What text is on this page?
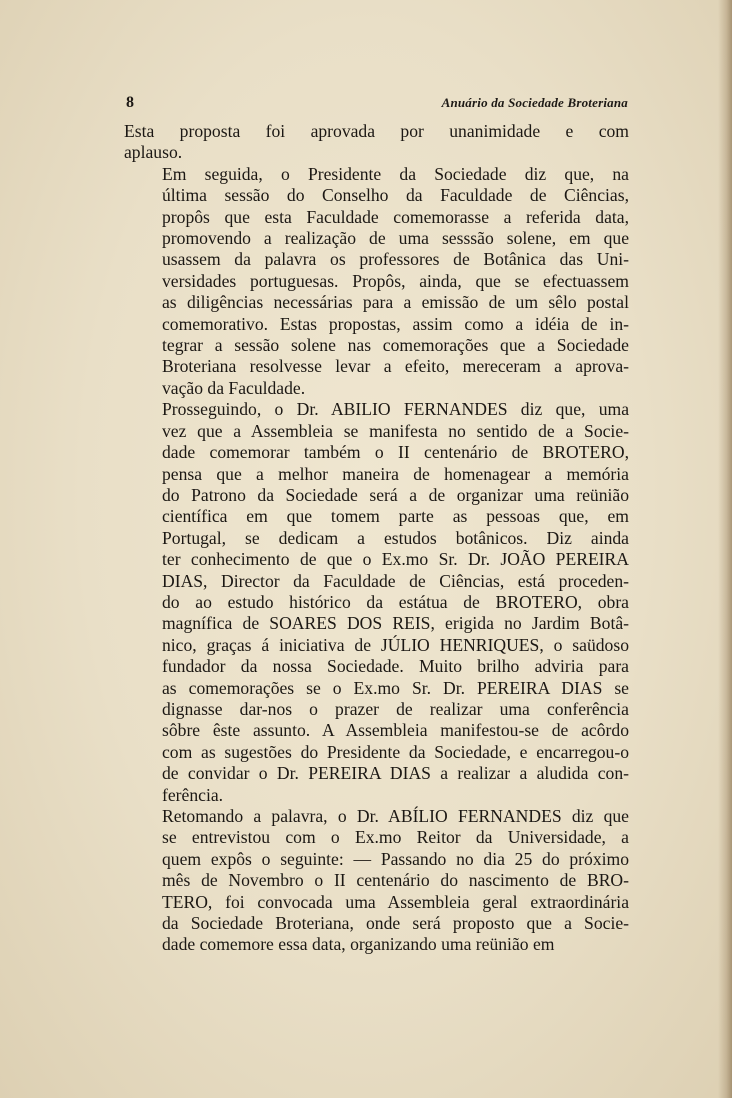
8	Anuário da Sociedade Broteriana

Esta proposta foi aprovada por unanimidade e com
aplauso.

Em seguida, o Presidente da Sociedade diz que, na
última sessão do Conselho da Faculdade de Ciências,
propôs que esta Faculdade comemorasse a referida data,
promovendo a realização de uma sesssão solene, em que
usassem da palavra os professores de Botânica das Uni-
versidades portuguesas. Propôs, ainda, que se efectuassem
as diligências necessárias para a emissão de um sêlo postal
comemorativo. Estas propostas, assim como a idéia de in-
tegrar a sessão solene nas comemorações que a Sociedade
Broteriana resolvesse levar a efeito, mereceram a aprova-
vação da Faculdade.

Prosseguindo, o Dr. ABILIO FERNANDES diz que, uma
vez que a Assembleia se manifesta no sentido de a Socie-
dade comemorar também o II centenário de BROTERO,
pensa que a melhor maneira de homenagear a memória
do Patrono da Sociedade será a de organizar uma reünião
científica em que tomem parte as pessoas que, em
Portugal, se dedicam a estudos botânicos. Diz ainda
ter conhecimento de que o Ex.mo Sr. Dr. JOÃO PEREIRA
DIAS, Director da Faculdade de Ciências, está proceden-
do ao estudo histórico da estátua de BROTERO, obra
magnífica de SOARES DOS REIS, erigida no Jardim Botâ-
nico, graças á iniciativa de JÚLIO HENRIQUES, o saüdoso
fundador da nossa Sociedade. Muito brilho adviria para
as comemorações se o Ex.mo Sr. Dr. PEREIRA DIAS se
dignasse dar-nos o prazer de realizar uma conferência
sôbre êste assunto. A Assembleia manifestou-se de acôrdo
com as sugestões do Presidente da Sociedade, e encarregou-o
de convidar o Dr. PEREIRA DIAS a realizar a aludida con-
ferência.

Retomando a palavra, o Dr. ABÍLIO FERNANDES diz que
se entrevistou com o Ex.mo Reitor da Universidade, a
quem expôs o seguinte: — Passando no dia 25 do próximo
mês de Novembro o II centenário do nascimento de BRO-
TERO, foi convocada uma Assembleia geral extraordinária
da Sociedade Broteriana, onde será proposto que a Socie-
dade comemore essa data, organizando uma reünião em
